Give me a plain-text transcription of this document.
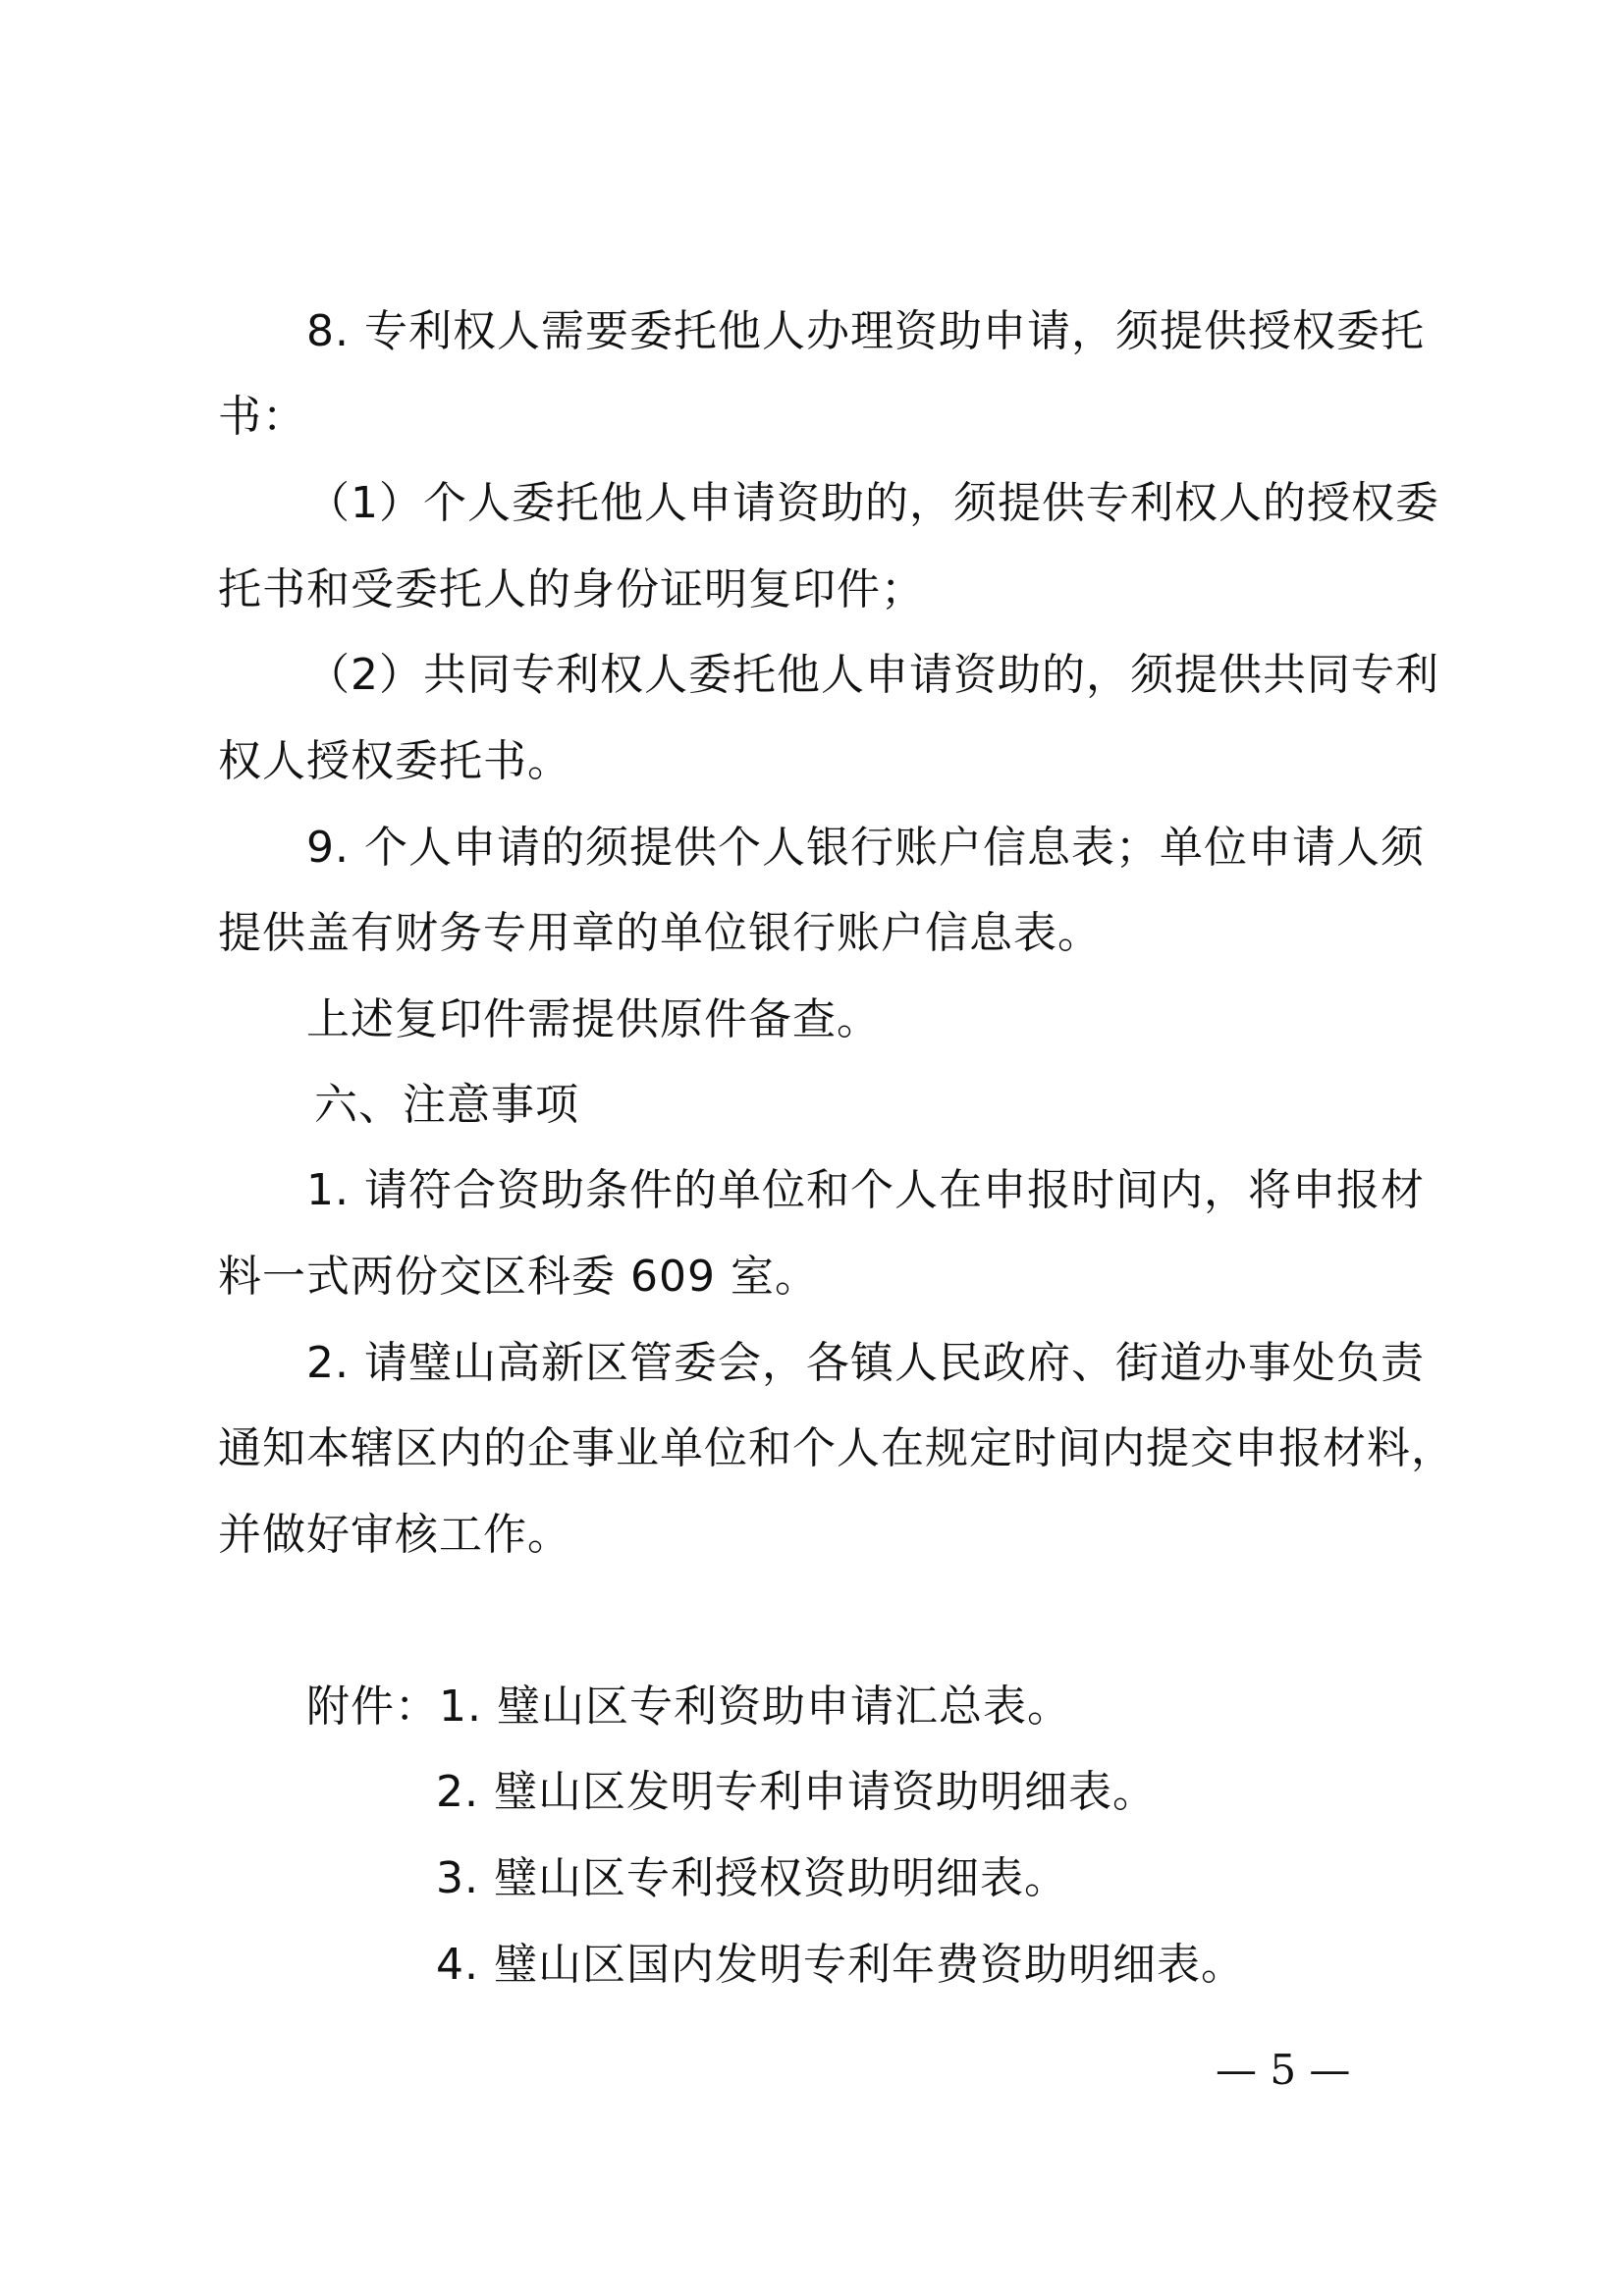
8. 专利权人需要委托他人办理资助申请，须提供授权委托
书：
（1）个人委托他人申请资助的，须提供专利权人的授权委
托书和受委托人的身份证明复印件；
（2）共同专利权人委托他人申请资助的，须提供共同专利
权人授权委托书。
9. 个人申请的须提供个人银行账户信息表；单位申请人须
提供盖有财务专用章的单位银行账户信息表。
上述复印件需提供原件备查。
六、注意事项
1. 请符合资助条件的单位和个人在申报时间内，将申报材
料一式两份交区科委 609 室。
2. 请璧山高新区管委会，各镇人民政府、街道办事处负责
通知本辖区内的企事业单位和个人在规定时间内提交申报材料，
并做好审核工作。
附件：1. 璧山区专利资助申请汇总表。
2. 璧山区发明专利申请资助明细表。
3. 璧山区专利授权资助明细表。
4. 璧山区国内发明专利年费资助明细表。
— 5 —
